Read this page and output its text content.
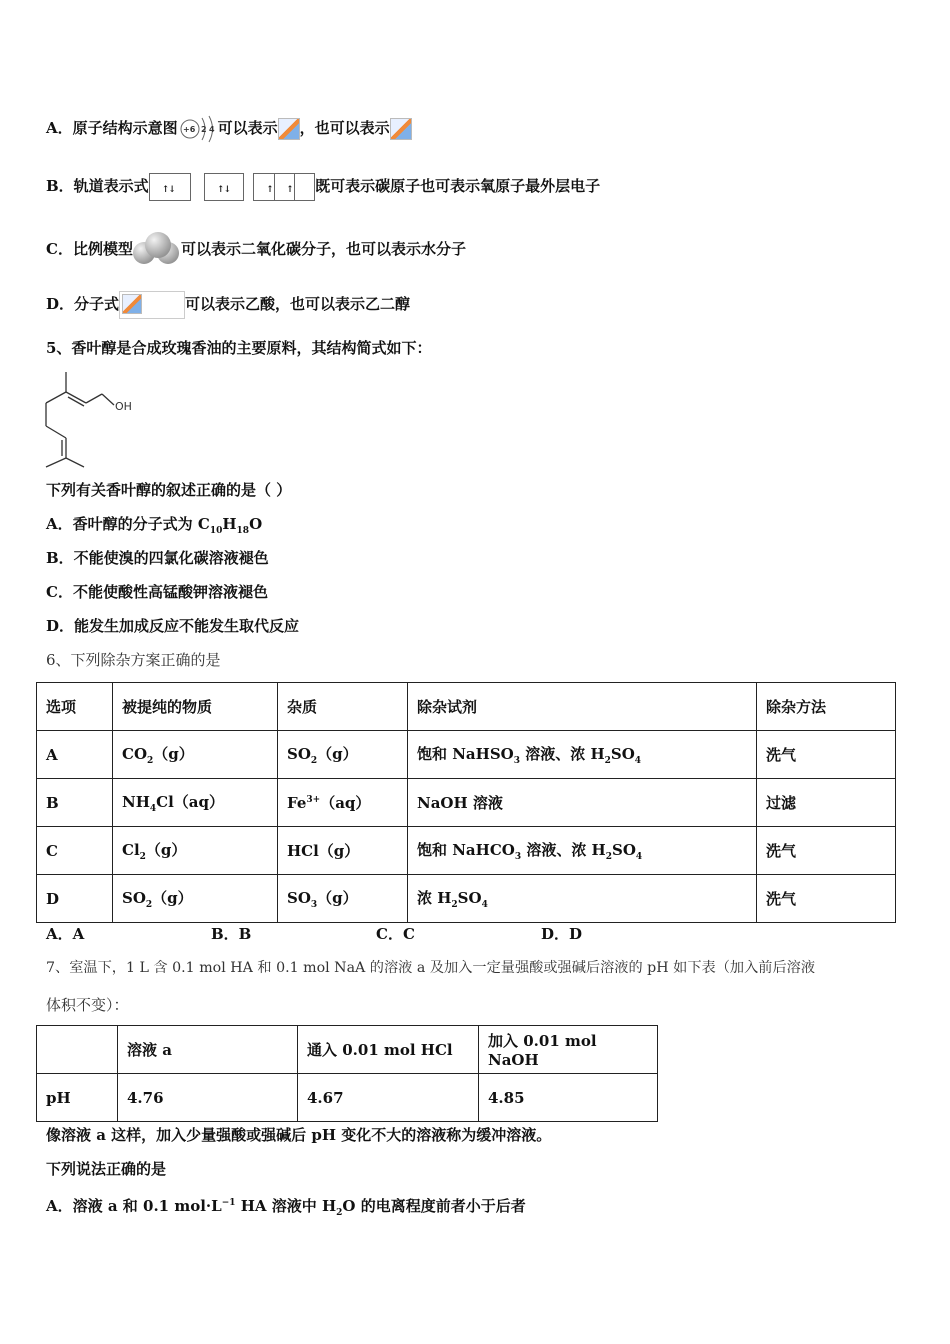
A．原子结构示意图 +6 2 4 可以表示 ，也可以表示
B．轨道表示式 ↑↓
	↑↓
	↑ ↑ 既可表示碳原子也可表示氧原子最外层电子
C．比例模型	可以表示二氧化碳分子，也可以表示水分子
D．分子式	可以表示乙酸，也可以表示乙二醇
5、香叶醇是合成玫瑰香油的主要原料，其结构简式如下：
OH
下列有关香叶醇的叙述正确的是（ ）
A．香叶醇的分子式为 $C_{10}H_{18}O$
B．不能使溴的四氯化碳溶液褪色
C．不能使酸性高锰酸钾溶液褪色
D．能发生加成反应不能发生取代反应
6、下列除杂方案正确的是
选项	被提纯的物质	杂质	除杂试剂	除杂方法
A	$CO_2(g)$	$SO_2(g)$	饱和 NaHSO$_3$ 溶液、浓 $H_2SO_4$	洗气
B	$NH_4Cl(aq)$	$Fe^{3+}(aq)$	NaOH 溶液	过滤
C	$Cl_2(g)$	HCl（g）	饱和 NaHCO$_3$ 溶液、浓 $H_2SO_4$	洗气
D	$SO_2(g)$	$SO_3(g)$	浓 $H_2SO_4$	洗气
A．A	B．B	C．C	D．D
7、室温下，1 L 含 0.1 mol HA 和 0.1 mol NaA 的溶液 a 及加入一定量强酸或强碱后溶液的 pH 如下表（加入前后溶液
体积不变）：
	溶液 a	通入 0.01 mol HCl	加入 0.01 mol NaOH
pH	4.76	4.67	4.85
像溶液 a 这样，加入少量强酸或强碱后 pH 变化不大的溶液称为缓冲溶液。
下列说法正确的是
A．溶液 a 和 0.1 $mol\cdot L^{-1}$ HA 溶液中 $H_2O$ 的电离程度前者小于后者
